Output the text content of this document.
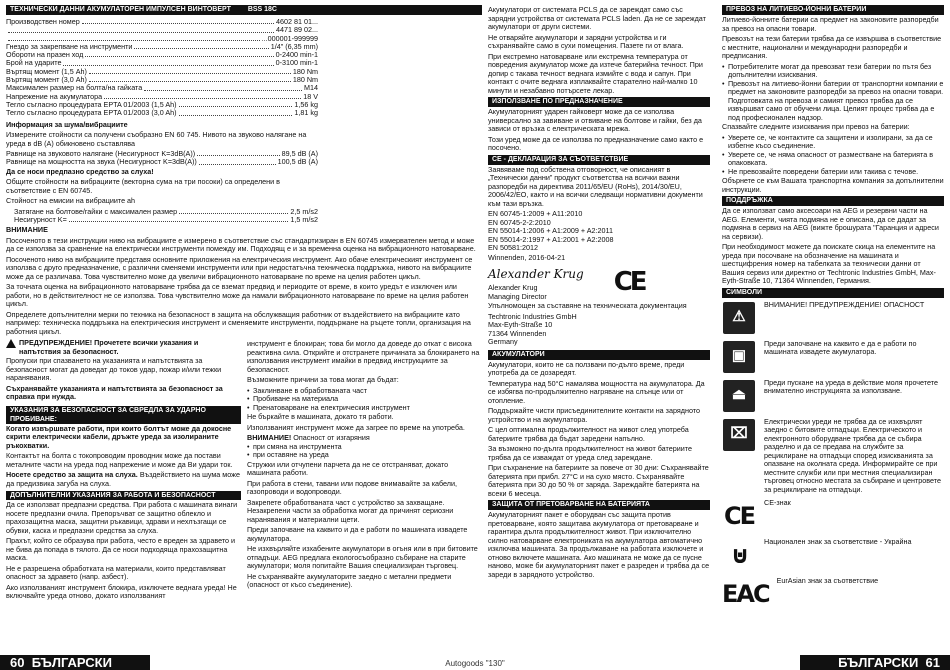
ТЕХНИЧЕСКИ ДАННИ АКУМУЛАТОРЕН ИМПУЛСЕН ВИНТОВЕРТ BSS 18C
Производствен номер	4602 81 01...
4471 89 02...
...000001-999999
Гнездо за закрепване на инструменти	1/4" (6,35 mm)
Обороти на празен ход	0-2400 min-1
Брой на ударите	0-3100 min-1
Въртящ момент (1,5 Ah)	180 Nm
Въртящ момент (3,0 Ah)	180 Nm
Максимален размер на болта/на гайката	M14
Напрежение на акумулатора	18 V
Тегло съгласно процедурата EPTA 01/2003 (1,5 Ah)	1,56 kg
Тегло съгласно процедурата EPTA 01/2003 (3,0 Ah)	1,81 kg

Информация за шума/вибрациите

Измерените стойности са получени съобразно EN 60 745. Нивото на звуково налягане на уреда в dB (A) обикновено съставлява

Равнище на звуковото налягане (Несигурност K=3dB(A))	89,5 dB (A)
Равнище на мощността на звука (Несигурност K=3dB(A))	100,5 dB (A)

Да се носи предпазно средство за слуха!

Общите стойности на вибрациите (векторна сума на три посоки) са определени в съответствие с EN 60745.

Стойност на емисии на вибрациите ah

Затягане на болтове/гайки с максимален размер	2,5 m/s2
Несигурност K=	1,5 m/s2

ВНИМАНИЕ

Посоченото в тези инструкции ниво на вибрациите е измерено в съответствие със стандартизиран в EN 60745 измервателен метод и може да се използва за сравнение на електрически инструменти помежду им. Подходящ е и за временна оценка на вибрационното натоварване.

Посоченото ниво на вибрациите представя основните приложения на електрическия инструмент. Ако обаче електрическият инструмент се използва с друго предназначение, с различни сменяеми инструменти или при недостатъчна техническа поддръжка, нивото на вибрациите може да се различава. Това чувствително може да увеличи вибрационното натоварване по време на целия работен цикъл.

За точната оценка на вибрационното натоварване трябва да се вземат предвид и периодите от време, в които уредът е изключен или работи, но в действителност не се използва. Това чувствително може да намали вибрационното натоварване по време на целия работен цикъл.

Определете допълнителни мерки по техника на безопасност в защита на обслужващия работник от въздействието на вибрациите като например: техническа поддръжка на електрическия инструмент и сменяемите инструменти, поддържане на ръцете топли, организация на работния цикъл.

ПРЕДУПРЕЖДЕНИЕ! Прочетете всички указания и напътствия за безопасност.

Пропуски при спазването на указанията и напътствията за безопасност могат да доведат до токов удар, пожар и/или тежки наранявания.

Съхранявайте указанията и напътствията за безопасност за справка при нужда.

УКАЗАНИЯ ЗА БЕЗОПАСНОСТ ЗА СВРЕДЛА ЗА УДАРНО ПРОБИВАНЕ:

Когато извършвате работи, при които болтът може да докосне скрити електрически кабели, дръжте уреда за изолираните ръкохватки.

Контактът на болта с токопроводим проводник може да постави металните части на уреда под напрежение и може да Ви удари ток.

Носете средство за защита на слуха. Въздействието на шума може да предизвика загуба на слуха.

ДОПЪЛНИТЕЛНИ УКАЗАНИЯ ЗА РАБОТА И БЕЗОПАСНОСТ

Да се използват предпазни средства. При работа с машината винаги носете предпазни очила. Препоръчват се защитно облекло и прахозащитна маска, защитни ръкавици, здрави и нехлъзгащи се обувки, каска и предпазни средства за слуха.

Прахът, който се образува при работа, често е вреден за здравето и не бива да попада в тялото. Да се носи подходяща прахозащитна маска.

Не е разрешена обработката на материали, които представляват опасност за здравето (напр. азбест).

Ако използваният инструмент блокира, изключете веднага уреда! Не включвайте уреда отново, докато използваният

инструмент е блокиран; това би могло да доведе до откат с висока реактивна сила. Открийте и отстранете причината за блокирането на използвания инструмент имайки в предвид инструкциите за безопасност.

Възможните причини за това могат да бъдат:

• Заклинване в обработваната част
• Пробиване на материала
• Пренатоварване на електрическия инструмент

Не бъркайте в машината, докато тя работи.

Използваният инструмент може да загрее по време на употреба.

ВНИМАНИЕ! Опасност от изгаряния

• при смяна на инструмента
• при оставяне на уреда

Стружки или отчупени парчета да не се отстраняват, докато машината работи.

При работа в стени, тавани или подове внимавайте за кабели, газопроводи и водопроводи.

Закрепете обработваната част с устройство за захващане. Незакрепени части за обработка могат да причинят сериозни наранявания и материални щети.

Преди започване на каквито и да е работи по машината извадете акумулатора.

Не изхвърляйте изхабените акумулатори в огъня или в при битовите отпадъци. AEG предлага екологосъобразно събиране на старите акумулатори; моля попитайте Вашия специализиран търговец.

Не съхранявайте акумулаторите заедно с метални предмети (опасност от късо съединение).

Акумулатори от системата PCLS да се зареждат само със зарядни устройства от системата PCLS laden. Да не се зареждат акумулатори от други системи.

Не отваряйте акумулатори и зарядни устройства и ги съхранявайте само в сухи помещения. Пазете ги от влага.

При екстремно натоварване или екстремна температура от повредения акумулатор може да изтече батерийна течност. При допир с такава течност веднага измийте с вода и сапун. При контакт с очите веднага изплаквайте старателно най-малко 10 минути и незабавно потърсете лекар.

ИЗПОЛЗВАНЕ ПО ПРЕДНАЗНАЧЕНИЕ

Акумулаторният ударен гайковерт може да се използва универсално за завиване и отвиване на болтове и гайки, без да зависи от връзка с електрическата мрежа.

Този уред може да се използва по предназначение само както е посочено.

CE - ДЕКЛАРАЦИЯ ЗА СЪОТВЕТСТВИЕ

Заявяваме под собствена отговорност, че описаният в „Технически данни” продукт съответства на всички важни разпоредби на директива 2011/65/EU (RoHs), 2014/30/EU, 2006/42/EO, както и на всички следващи нормативни документи към тази връзка.

EN 60745-1:2009 + A11:2010
EN 60745-2-2:2010
EN 55014-1:2006 + A1:2009 + A2:2011
EN 55014-2:1997 + A1:2001 + A2:2008
EN 50581:2012

Winnenden, 2016-04-21

Alexander Krug
Alexander Krug
Managing Director	CE

Упълномощен за съставяне на техническата документация

Techtronic Industries GmbH
Max-Eyth-Straße 10
71364 Winnenden
Germany
АКУМУЛАТОРИ

Акумулатори, които не са ползвани по-дълго време, преди употреба да се дозаредят.

Температура над 50°C намалява мощността на акумулатора. Да се избягва по-продължително нагряване на слънце или от отопление.

Поддържайте чисти присъединителните контакти на зарядното устройство и на акумулатора.

С цел оптимална продължителност на живот след употреба батериите трябва да бъдат заредени напълно.

За възможно по-дълга продължителност на живот батериите трябва да се изваждат от уреда след зареждане.

При съхранение на батериите за повече от 30 дни: Съхранявайте батерията при прибл. 27°C и на сухо място. Съхранявайте батерията при 30 до 50 % от заряда. Зареждайте батерията на всеки 6 месеца.

ЗАЩИТА ОТ ПРЕТОВАРВАНЕ НА БАТЕРИЯТА

Акумулаторният пакет е оборудван със защита против претоварване, която защитава акумулатора от претоварване и гарантира дълга продължителност живот. При изключително силно натоварване електрониката на акумулатора автоматично изключва машината. За продължаване на работата изключете и отново включете машината. Ако машината не може да се пусне наново, може би акумулаторният пакет е разреден и трябва да се зареди в зарядното устройство.

ПРЕВОЗ НА ЛИТИЕВО-ЙОННИ БАТЕРИИ

Литиево-йонните батерии са предмет на законовите разпоредби за превоз на опасни товари.

Превозът на тези батерии трябва да се извършва в съответствие с местните, национални и международни разпоредби и предписания.

• Потребителите могат да превозват тези батерии по пътя без допълнителни изисквания.
• Превозът на литиево-йонни батерии от транспортни компании е предмет на законовите разпоредби за превоз на опасни товари. Подготовката на превоза и самият превоз трябва да се извършват само от обучени лица. Целият процес трябва да е под професионален надзор.

Спазвайте следните изисквания при превоз на батерии:

• Уверете се, че контактите са защитени и изолирани, за да се избегне късо съединение.
• Уверете се, че няма опасност от разместване на батерията в опаковката.
• Не превозвайте повредени батерии или такива с течове.

Обърнете се към Вашата транспортна компания за допълнителни инструкции.

ПОДДРЪЖКА

Да се използват само аксесоари на AEG и резервни части на AEG. Елементи, чията подмяна не е описана, да се дадат за подмяна в сервиз на AEG (вижте брошурата "Гаранция и адреси на сервизи).

При необходимост можете да поискате скица на елементите на уреда при посочване на обозначение на машината и шестцифрения номер на табелката за технически данни от Вашия сервиз или директно от Techtronic Industries GmbH, Max-Eyth-Straße 10, 71364 Winnenden, Германия.

СИМВОЛИ
⚠
ВНИМАНИЕ! ПРЕДУПРЕЖДЕНИЕ! ОПАСНОСТ
▣
Преди започване на каквито е да е работи по машината извадете акумулатора.
⏏
Преди пускане на уреда в действие моля прочетете внимателно инструкцията за използване.
⌧
Електрически уреди не трябва да се изхвърлят заедно с битовите отпадъци. Електрическото и електронното оборудване трябва да се събира разделно и да се предава на службите за рециклиране на отпадъци според изискванията за опазване на околната среда. Информирайте се при местните служби или при местния специализиран търговец относно местата за събиране и центровете за рециклиране на отпадъци.
CE CE-знак
⊍ Национален знак за съответствие - Украйна
EAC EurAsian знак за съответствие
60 БЪЛГАРСКИ	БЪЛГАРСКИ 61
Autogoods "130"
